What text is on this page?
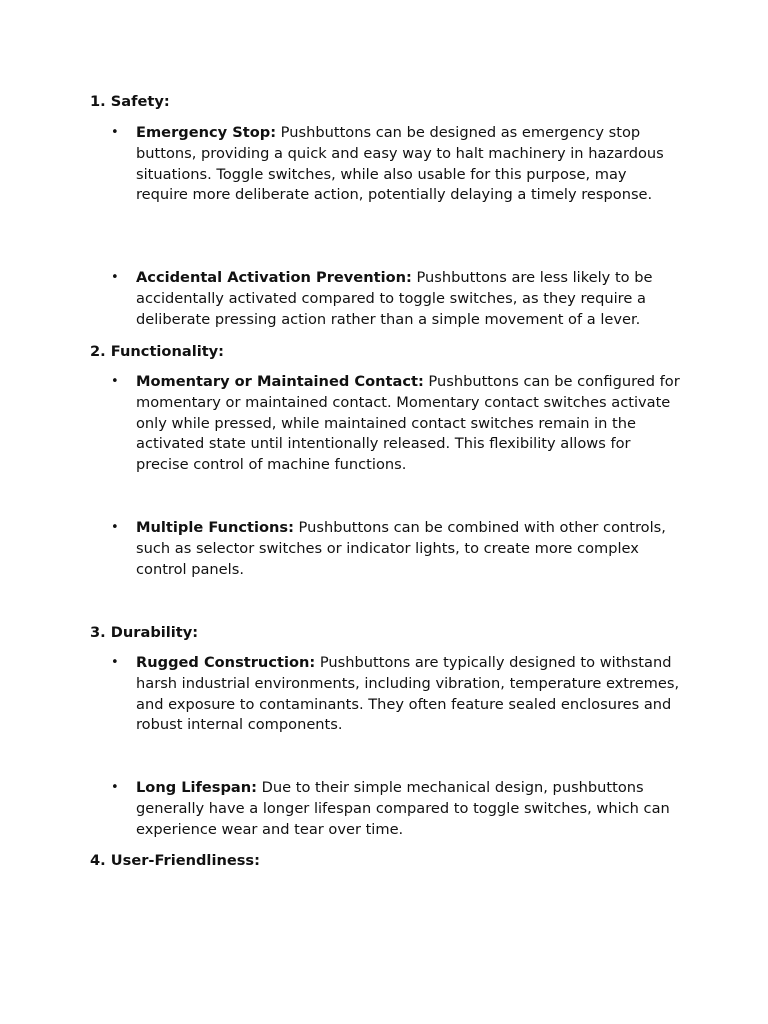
1. Safety:
• Emergency Stop: Pushbuttons can be designed as emergency stop buttons, providing a quick and easy way to halt machinery in hazardous situations. Toggle switches, while also usable for this purpose, may require more deliberate action, potentially delaying a timely response.
• Accidental Activation Prevention: Pushbuttons are less likely to be accidentally activated compared to toggle switches, as they require a deliberate pressing action rather than a simple movement of a lever.
2. Functionality:
• Momentary or Maintained Contact: Pushbuttons can be configured for momentary or maintained contact. Momentary contact switches activate only while pressed, while maintained contact switches remain in the activated state until intentionally released. This flexibility allows for precise control of machine functions.
• Multiple Functions: Pushbuttons can be combined with other controls, such as selector switches or indicator lights, to create more complex control panels.
3. Durability:
• Rugged Construction: Pushbuttons are typically designed to withstand harsh industrial environments, including vibration, temperature extremes, and exposure to contaminants. They often feature sealed enclosures and robust internal components.
• Long Lifespan: Due to their simple mechanical design, pushbuttons generally have a longer lifespan compared to toggle switches, which can experience wear and tear over time.
4. User-Friendliness:
